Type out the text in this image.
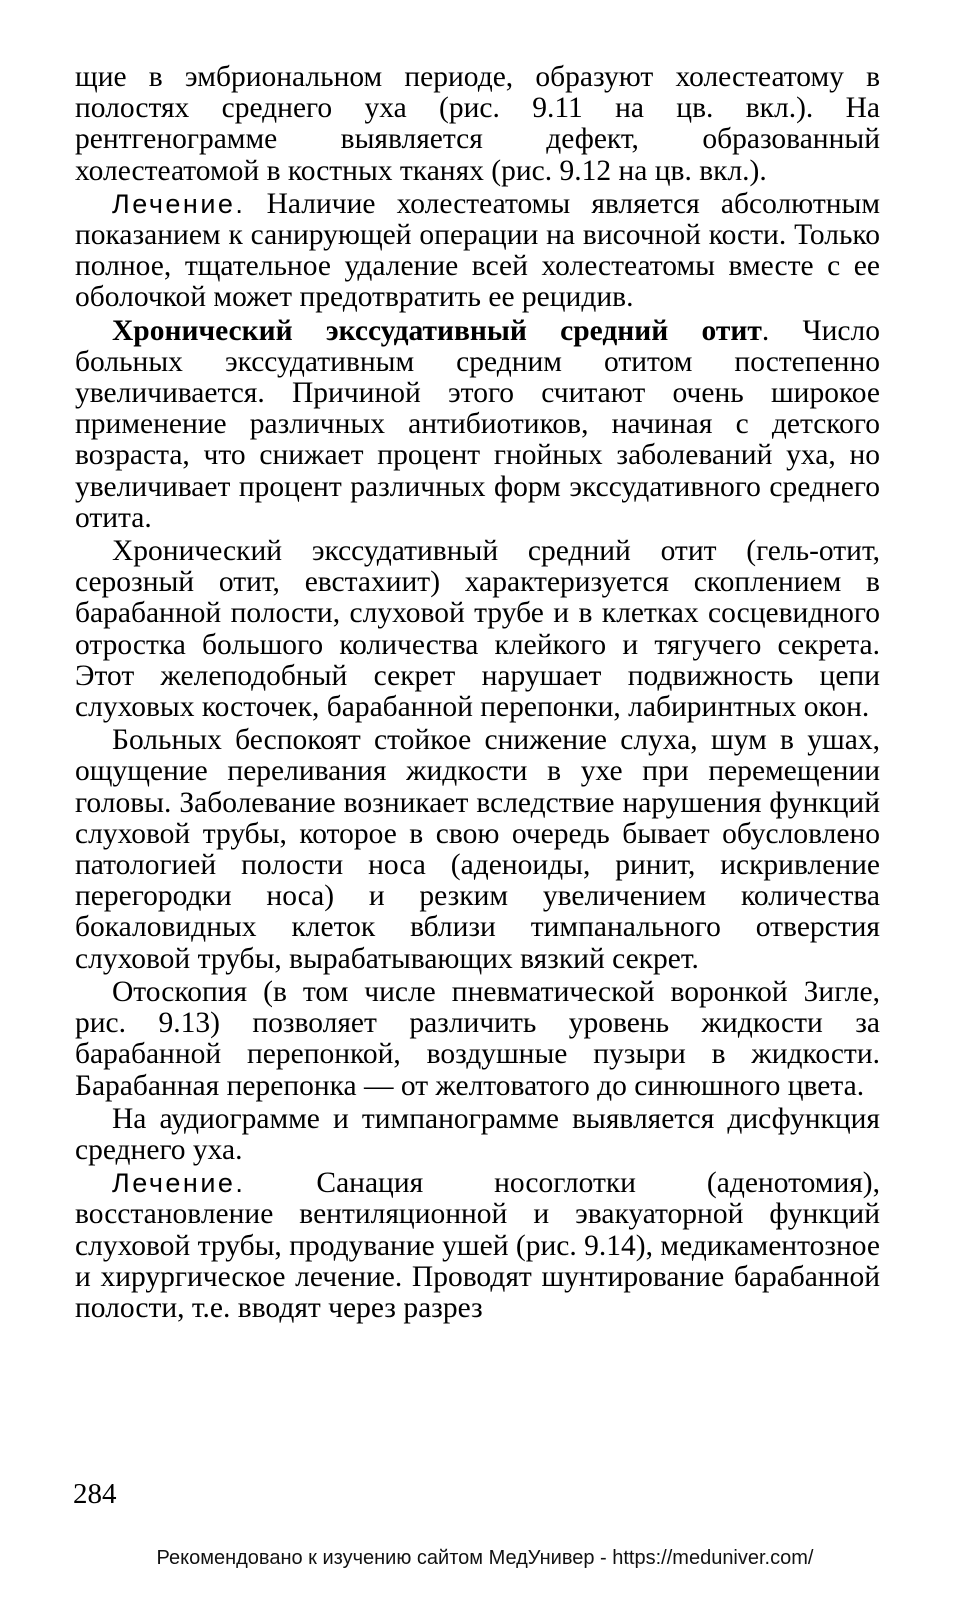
щие в эмбриональном периоде, образуют холестеатому в полостях среднего уха (рис. 9.11 на цв. вкл.). На рентгенограмме выявляется дефект, образованный холестеатомой в костных тканях (рис. 9.12 на цв. вкл.).

Лечение. Наличие холестеатомы является абсолютным показанием к санирующей операции на височной кости. Только полное, тщательное удаление всей холестеатомы вместе с ее оболочкой может предотвратить ее рецидив.

Хронический экссудативный средний отит. Число больных экссудативным средним отитом постепенно увеличивается. Причиной этого считают очень широкое применение различных антибиотиков, начиная с детского возраста, что снижает процент гнойных заболеваний уха, но увеличивает процент различных форм экссудативного среднего отита.

Хронический экссудативный средний отит (гель-отит, серозный отит, евстахиит) характеризуется скоплением в барабанной полости, слуховой трубе и в клетках сосцевидного отростка большого количества клейкого и тягучего секрета. Этот желеподобный секрет нарушает подвижность цепи слуховых косточек, барабанной перепонки, лабиринтных окон.

Больных беспокоят стойкое снижение слуха, шум в ушах, ощущение переливания жидкости в ухе при перемещении головы. Заболевание возникает вследствие нарушения функций слуховой трубы, которое в свою очередь бывает обусловлено патологией полости носа (аденоиды, ринит, искривление перегородки носа) и резким увеличением количества бокаловидных клеток вблизи тимпанального отверстия слуховой трубы, вырабатывающих вязкий секрет.

Отоскопия (в том числе пневматической воронкой Зигле, рис. 9.13) позволяет различить уровень жидкости за барабанной перепонкой, воздушные пузыри в жидкости. Барабанная перепонка — от желтоватого до синюшного цвета.

На аудиограмме и тимпанограмме выявляется дисфункция среднего уха.

Лечение. Санация носоглотки (аденотомия), восстановление вентиляционной и эвакуаторной функций слуховой трубы, продувание ушей (рис. 9.14), медикаментозное и хирургическое лечение. Проводят шунтирование барабанной полости, т.е. вводят через разрез

284
Рекомендовано к изучению сайтом МедУнивер - https://meduniver.com/
